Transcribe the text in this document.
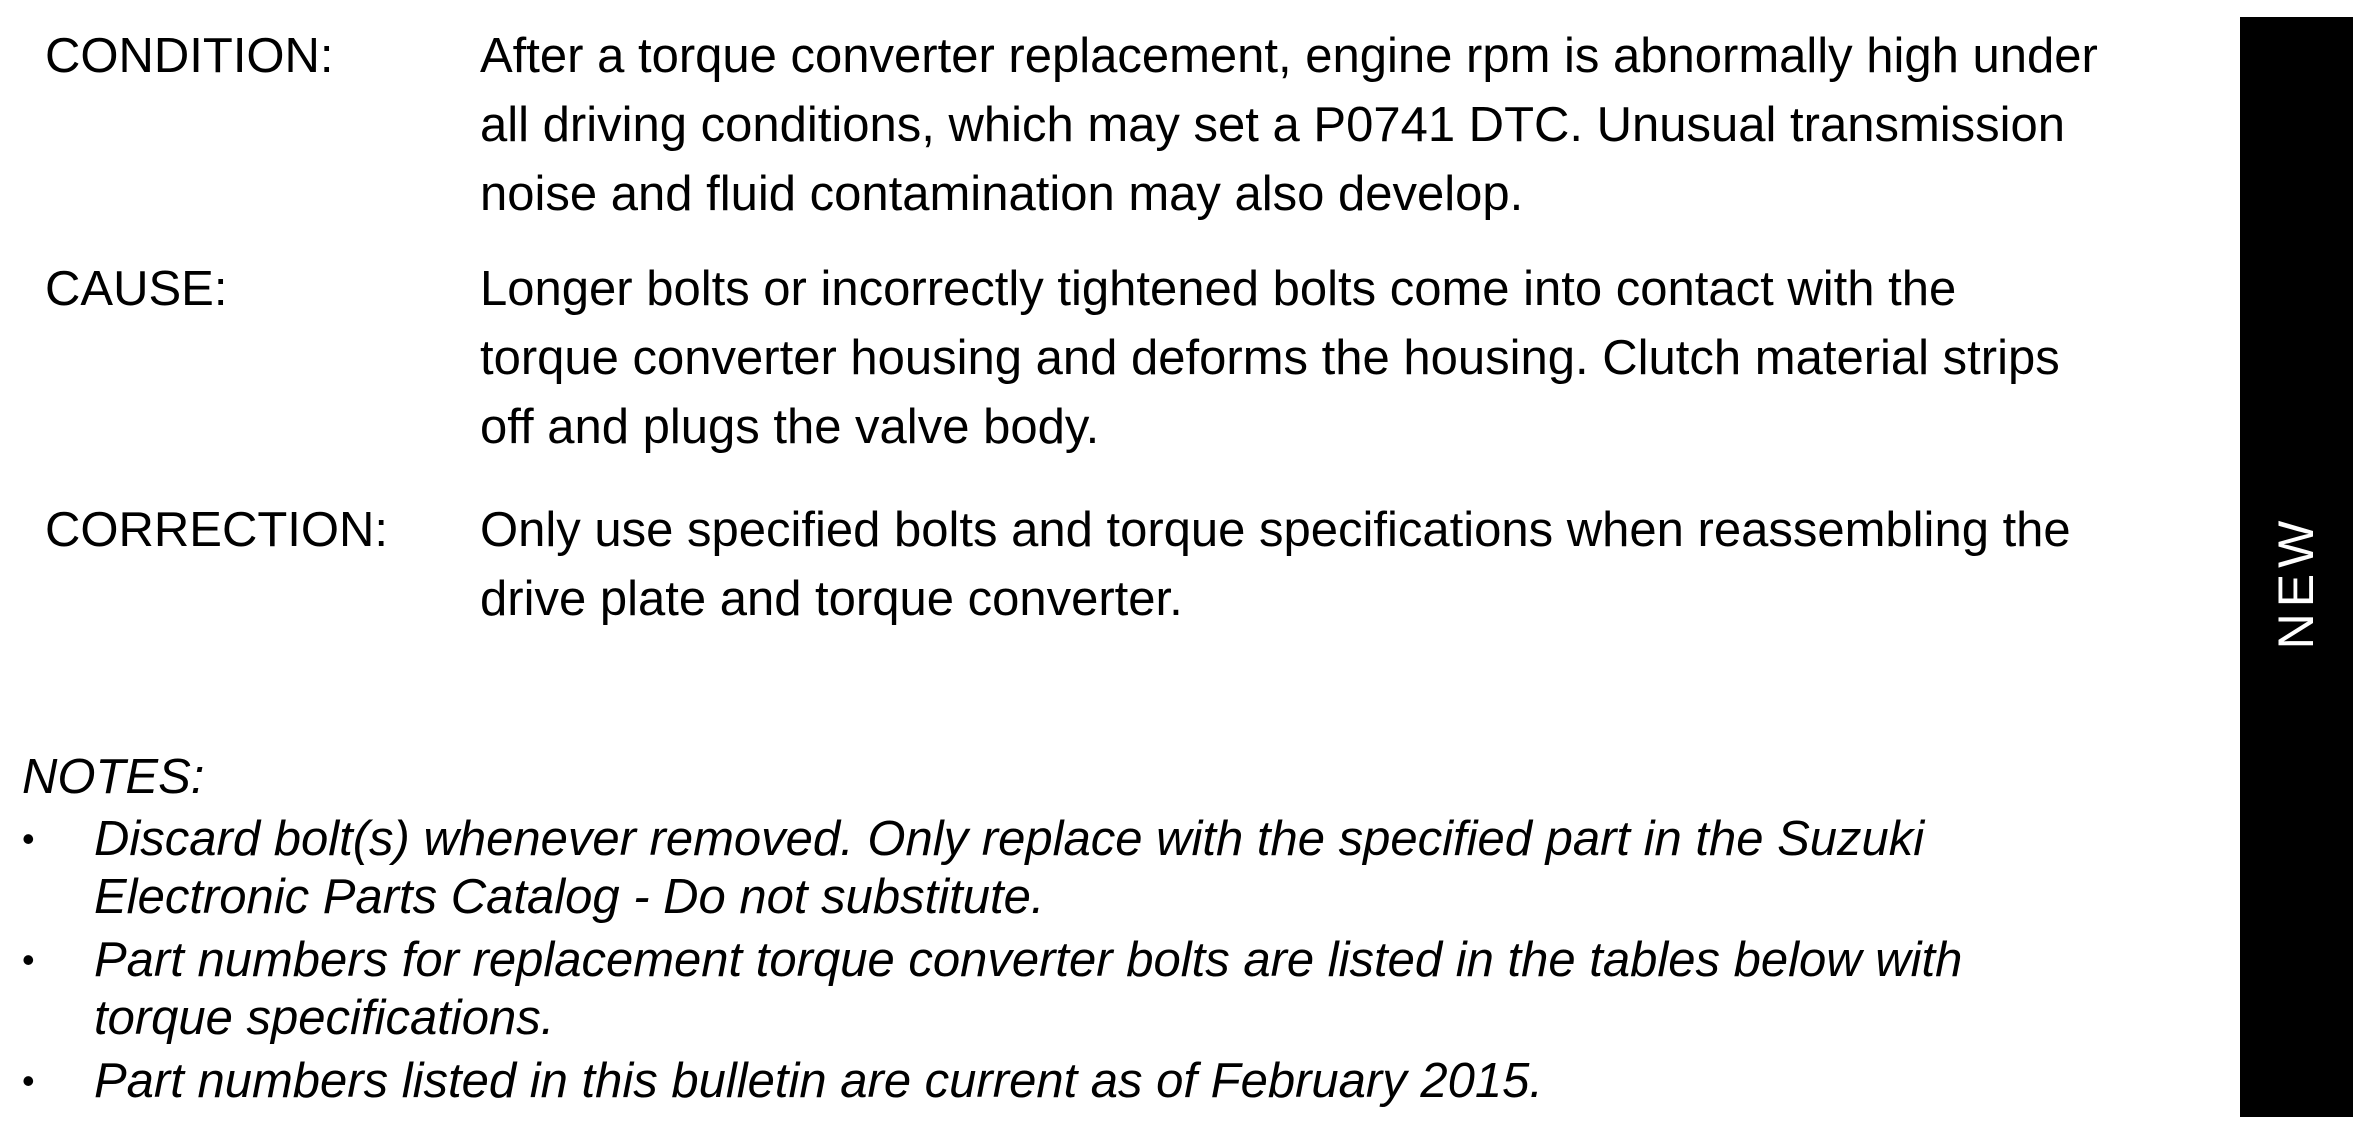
CONDITION:	After a torque converter replacement, engine rpm is abnormally high under
all driving conditions, which may set a P0741 DTC. Unusual transmission
noise and fluid contamination may also develop.
CAUSE:	Longer bolts or incorrectly tightened bolts come into contact with the
torque converter housing and deforms the housing. Clutch material strips
off and plugs the valve body.
CORRECTION: Only use specified bolts and torque specifications when reassembling the
drive plate and torque converter.
NOTES:
• Discard bolt(s) whenever removed. Only replace with the specified part in the Suzuki
Electronic Parts Catalog - Do not substitute.
• Part numbers for replacement torque converter bolts are listed in the tables below with
torque specifications.
• Part numbers listed in this bulletin are current as of February 2015.
NEW
